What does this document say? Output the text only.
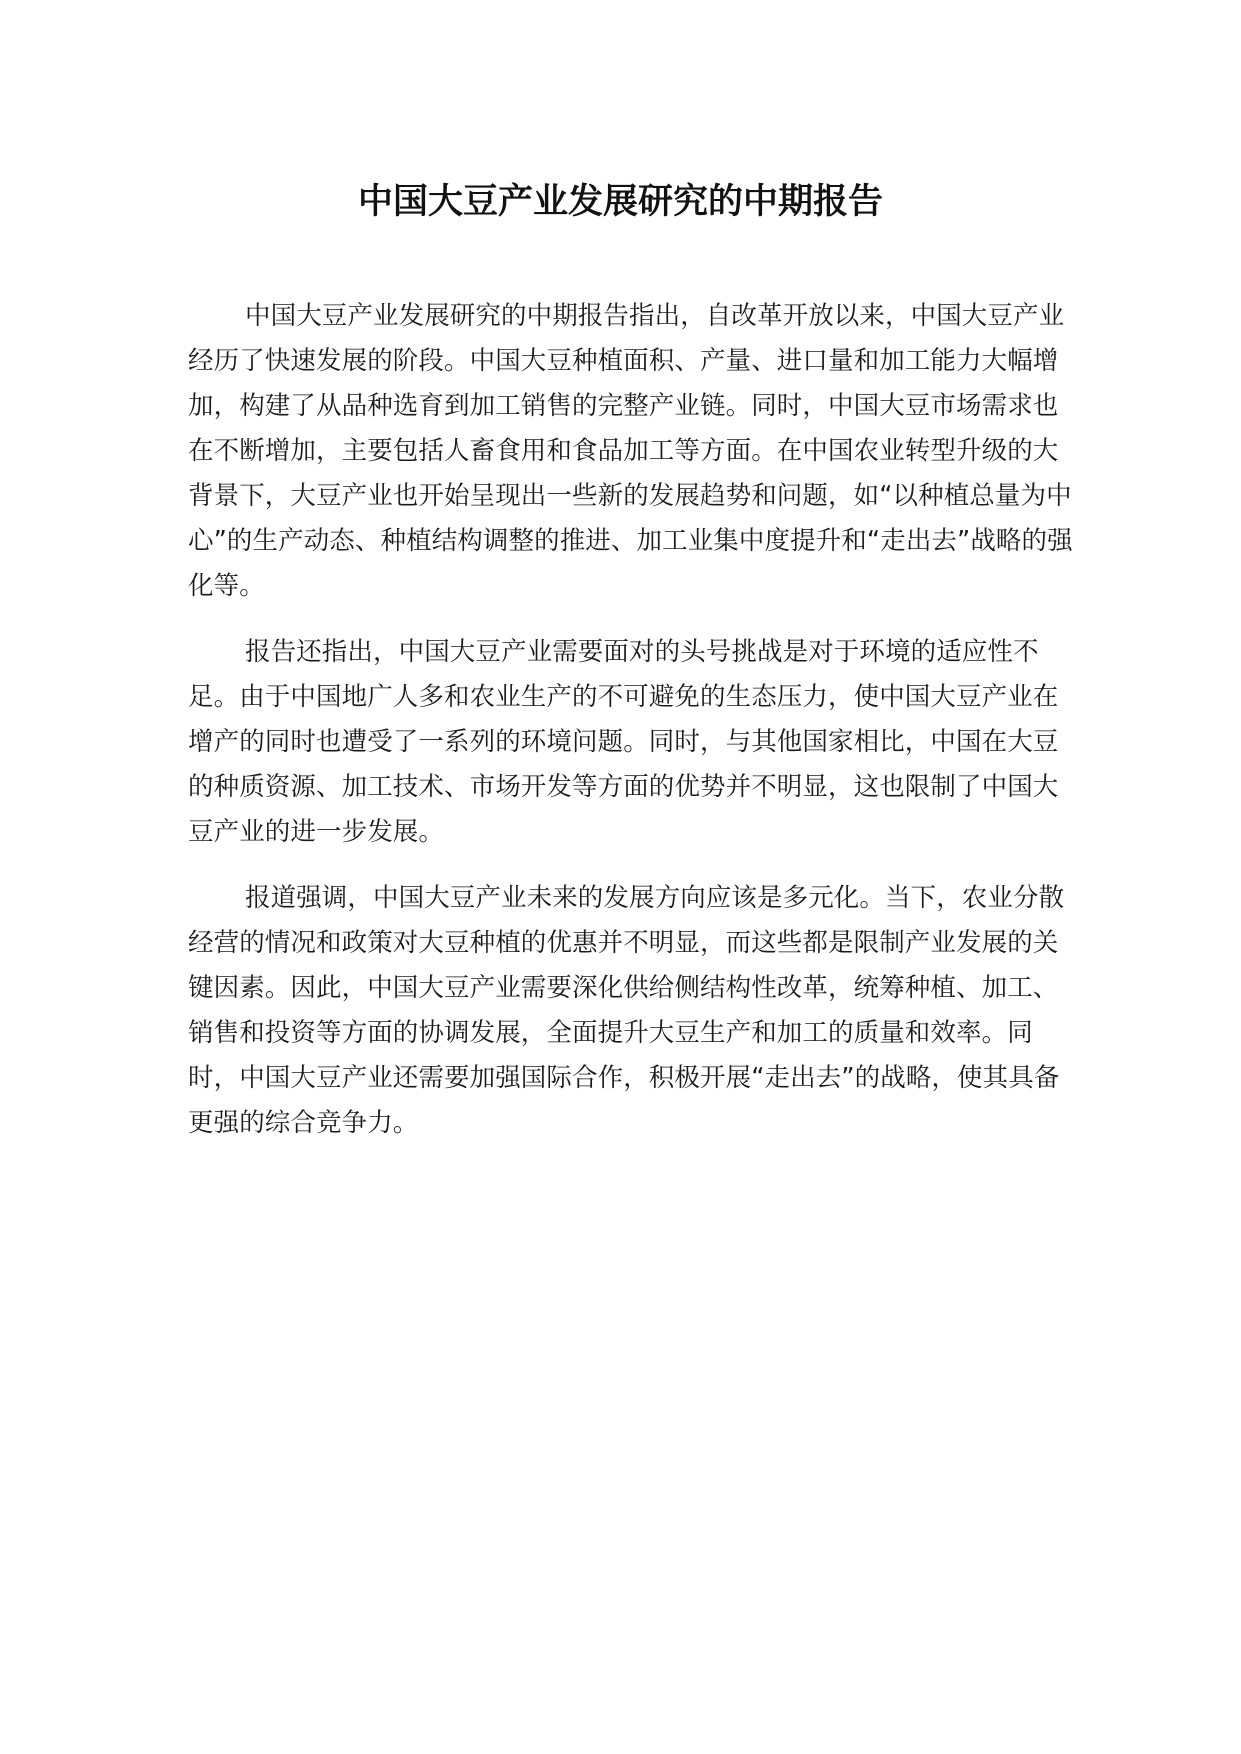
中国大豆产业发展研究的中期报告

中国大豆产业发展研究的中期报告指出，自改革开放以来，中国大豆产业经历了快速发展的阶段。中国大豆种植面积、产量、进口量和加工能力大幅增加，构建了从品种选育到加工销售的完整产业链。同时，中国大豆市场需求也在不断增加，主要包括人畜食用和食品加工等方面。在中国农业转型升级的大背景下，大豆产业也开始呈现出一些新的发展趋势和问题，如“以种植总量为中心”的生产动态、种植结构调整的推进、加工业集中度提升和“走出去”战略的强化等。

报告还指出，中国大豆产业需要面对的头号挑战是对于环境的适应性不足。由于中国地广人多和农业生产的不可避免的生态压力，使中国大豆产业在增产的同时也遭受了一系列的环境问题。同时，与其他国家相比，中国在大豆的种质资源、加工技术、市场开发等方面的优势并不明显，这也限制了中国大豆产业的进一步发展。

报道强调，中国大豆产业未来的发展方向应该是多元化。当下，农业分散经营的情况和政策对大豆种植的优惠并不明显，而这些都是限制产业发展的关键因素。因此，中国大豆产业需要深化供给侧结构性改革，统筹种植、加工、销售和投资等方面的协调发展，全面提升大豆生产和加工的质量和效率。同时，中国大豆产业还需要加强国际合作，积极开展“走出去”的战略，使其具备更强的综合竞争力。
